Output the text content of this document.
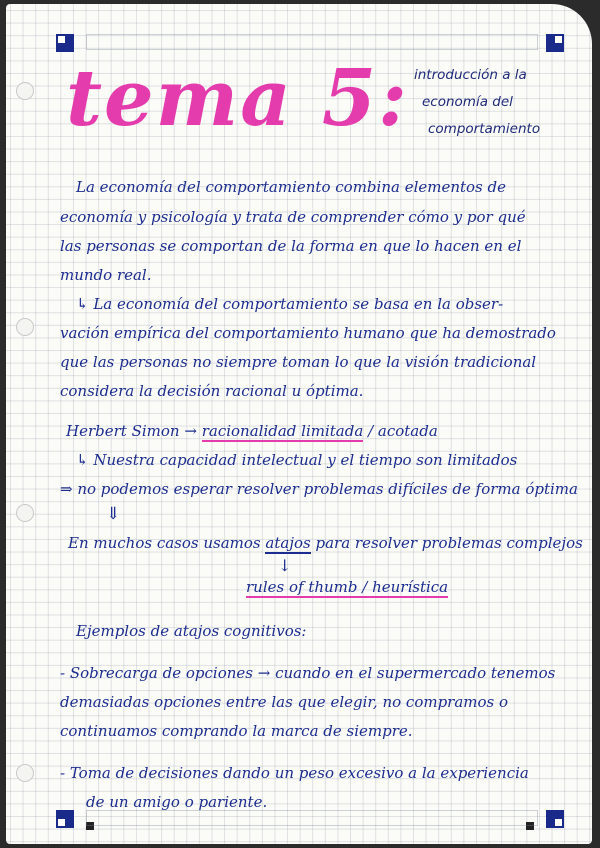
tema 5: introducción a la
economía del
comportamiento
La economía del comportamiento combina elementos de
economía y psicología y trata de comprender cómo y por qué
las personas se comportan de la forma en que lo hacen en el
mundo real.
↳ La economía del comportamiento se basa en la obser-
vación empírica del comportamiento humano que ha demostrado
que las personas no siempre toman lo que la visión tradicional
considera la decisión racional u óptima.
Herbert Simon → racionalidad limitada / acotada
↳ Nuestra capacidad intelectual y el tiempo son limitados
⇒ no podemos esperar resolver problemas difíciles de forma óptima
⇓
En muchos casos usamos atajos para resolver problemas complejos
↓
rules of thumb / heurística
Ejemplos de atajos cognitivos:
- Sobrecarga de opciones → cuando en el supermercado tenemos
demasiadas opciones entre las que elegir, no compramos o
continuamos comprando la marca de siempre.
- Toma de decisiones dando un peso excesivo a la experiencia
de un amigo o pariente.
